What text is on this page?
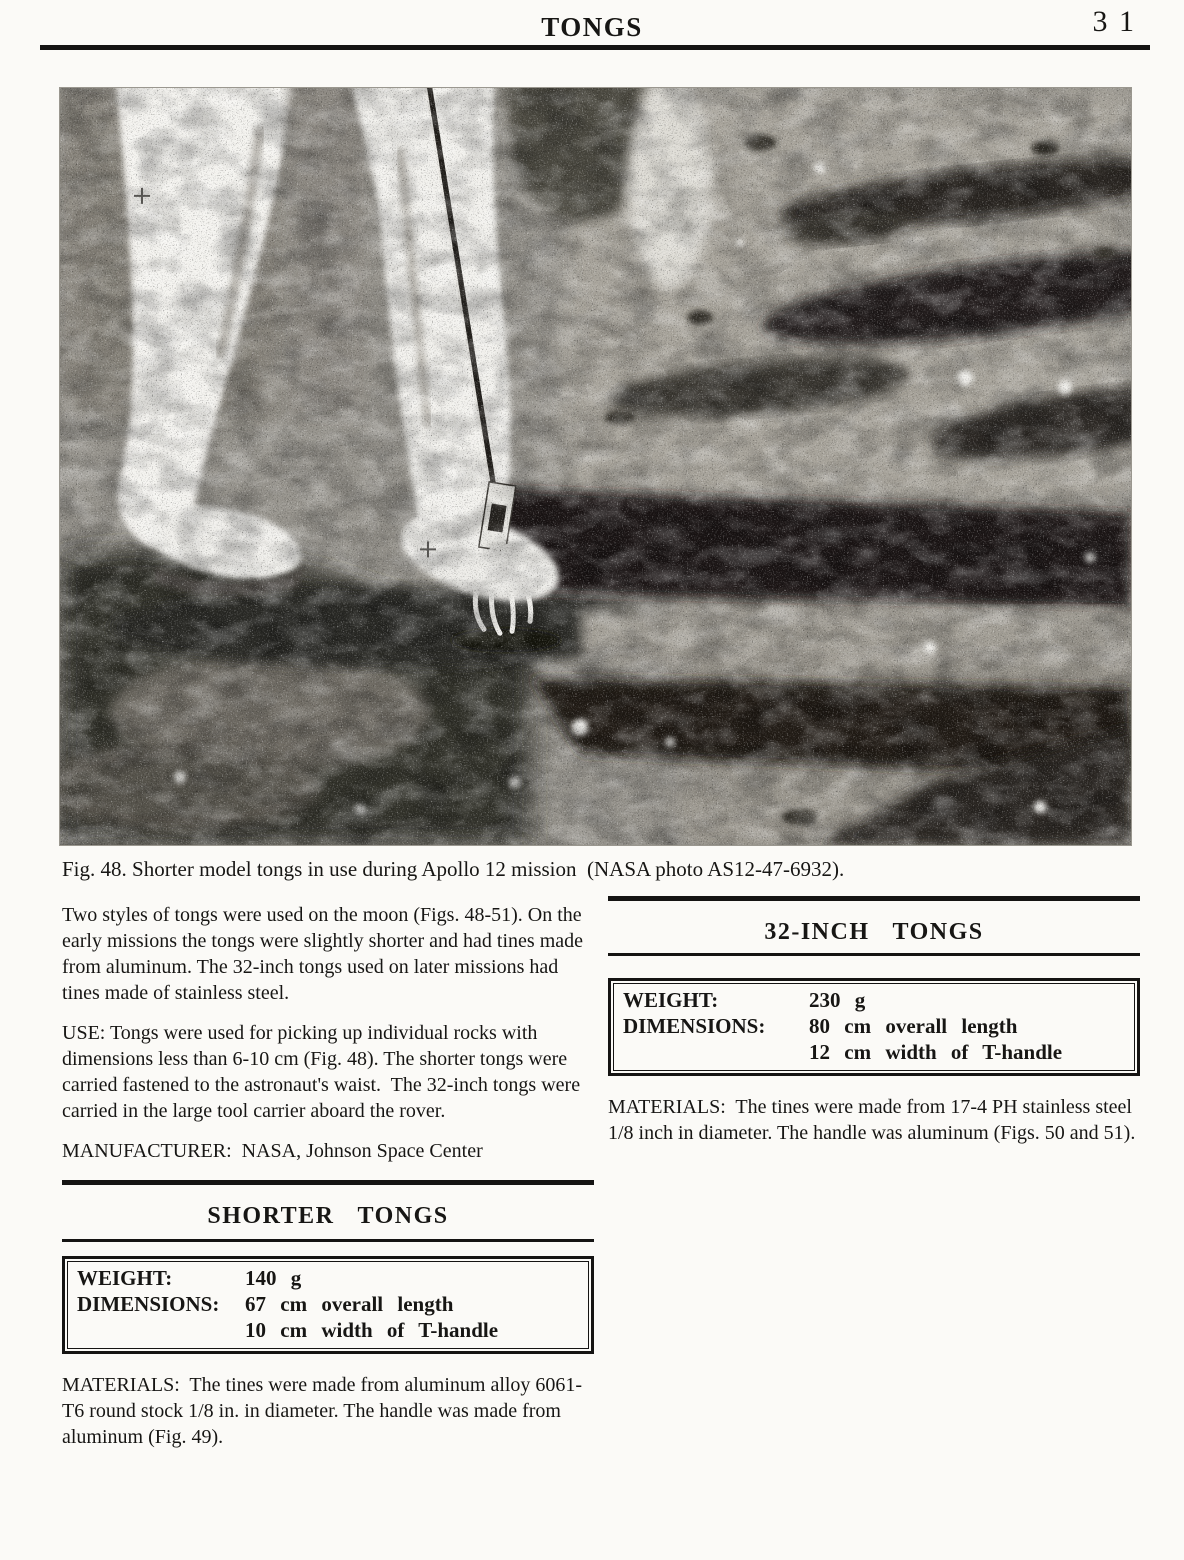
TONGS	3 1
Fig. 48. Shorter model tongs in use during Apollo 12 mission  (NASA photo AS12-47-6932).

Two styles of tongs were used on the moon (Figs. 48-51). On the early missions the tongs were slightly shorter and had tines made from aluminum. The 32-inch tongs used on later missions had tines made of stainless steel.

USE: Tongs were used for picking up individual rocks with dimensions less than 6-10 cm (Fig. 48). The shorter tongs were carried fastened to the astronaut's waist.  The 32-inch tongs were carried in the large tool carrier aboard the rover.

MANUFACTURER:  NASA, Johnson Space Center

SHORTER TONGS
WEIGHT:	140 g
DIMENSIONS:	67 cm overall length
10 cm width of T-handle

MATERIALS:  The tines were made from aluminum alloy 6061-T6 round stock 1/8 in. in diameter. The handle was made from aluminum (Fig. 49).

32-INCH TONGS
WEIGHT:	230 g
DIMENSIONS:	80 cm overall length
12 cm width of T-handle

MATERIALS:  The tines were made from 17-4 PH stainless steel 1/8 inch in diameter. The handle was aluminum (Figs. 50 and 51).
